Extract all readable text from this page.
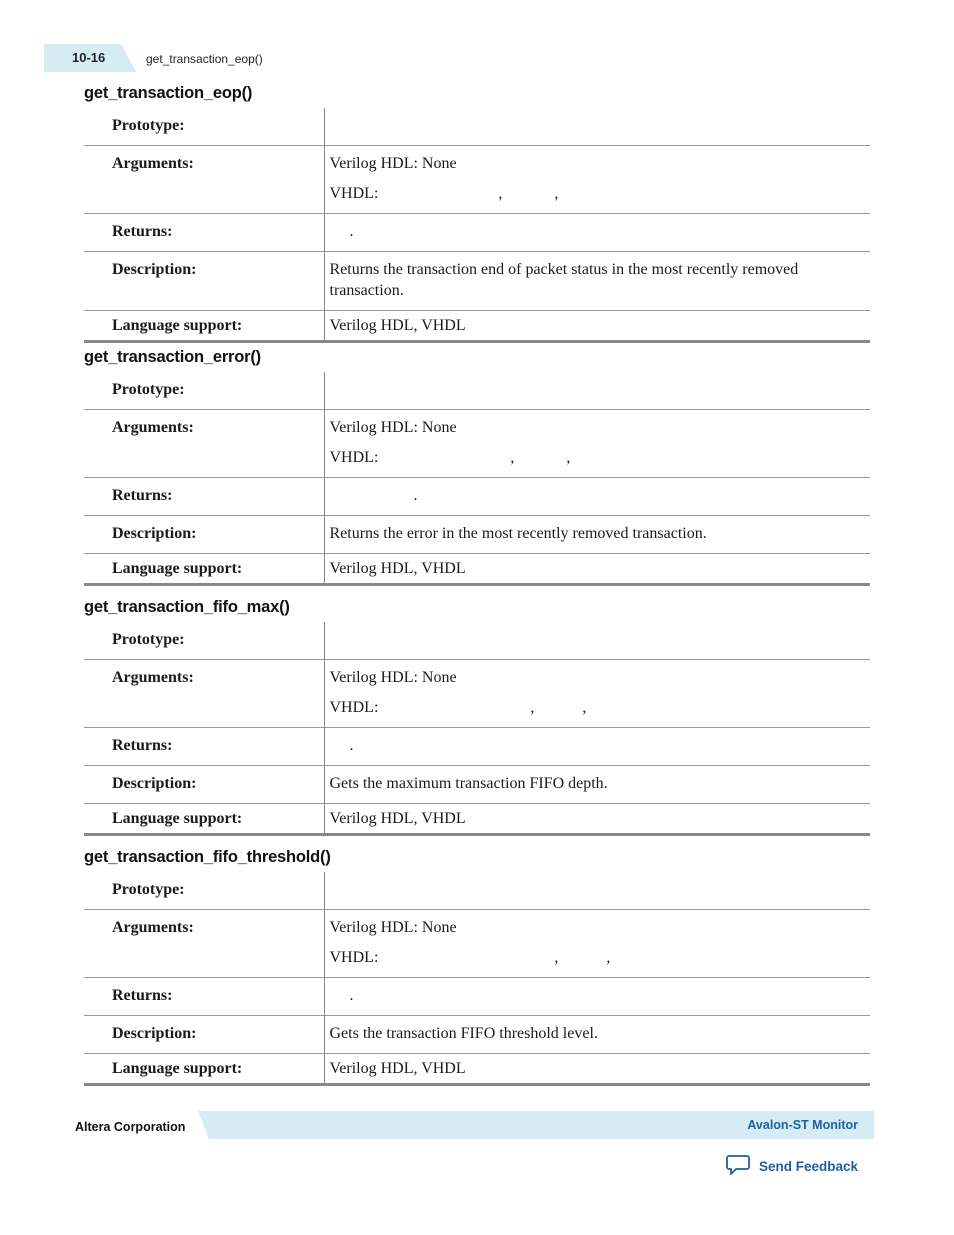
10-16	get_transaction_eop()
get_transaction_eop()
Prototype:	

Arguments:	Verilog HDL: None

VHDL: , ,

Returns:	.

Description:	Returns the transaction end of packet status in the most recently removed transaction.

Language support:	Verilog HDL, VHDL
get_transaction_error()
Prototype:	

Arguments:	Verilog HDL: None

VHDL: , ,

Returns:	.

Description:	Returns the error in the most recently removed transaction.

Language support:	Verilog HDL, VHDL
get_transaction_fifo_max()
Prototype:	

Arguments:	Verilog HDL: None

VHDL: , ,

Returns:	.

Description:	Gets the maximum transaction FIFO depth.

Language support:	Verilog HDL, VHDL
get_transaction_fifo_threshold()
Prototype:	

Arguments:	Verilog HDL: None

VHDL: , ,

Returns:	.

Description:	Gets the transaction FIFO threshold level.

Language support:	Verilog HDL, VHDL
Altera Corporation	Avalon-ST Monitor
Send Feedback
